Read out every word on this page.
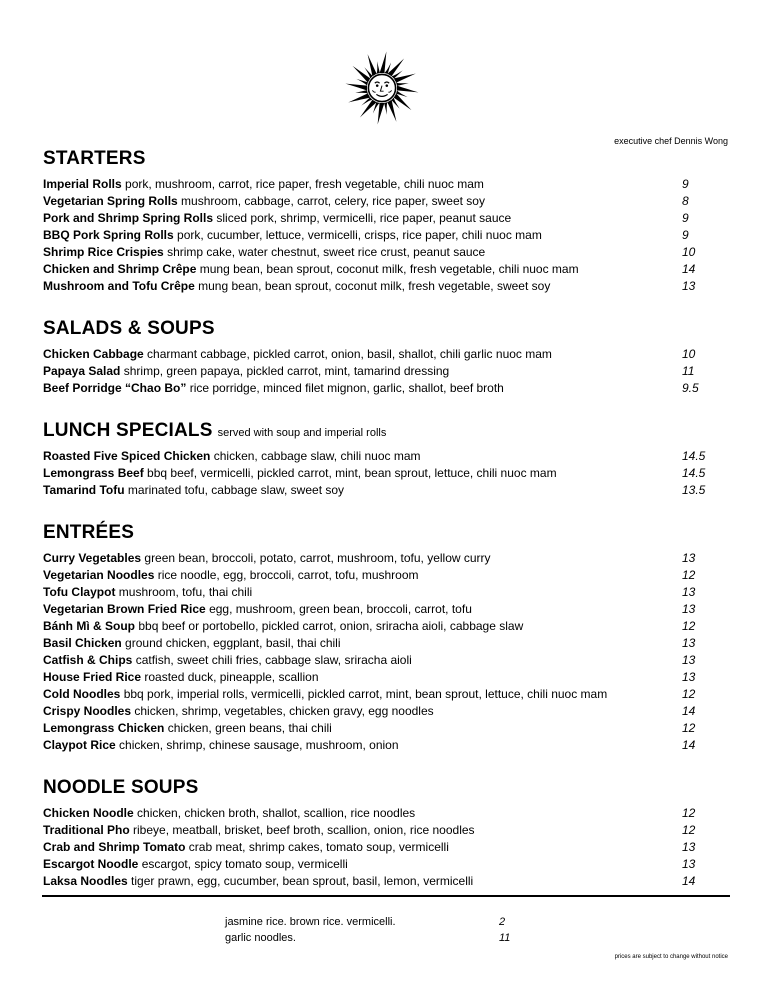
executive chef Dennis Wong
STARTERS
Imperial Rolls pork, mushroom, carrot, rice paper, fresh vegetable, chili nuoc mam	9
Vegetarian Spring Rolls mushroom, cabbage, carrot, celery, rice paper, sweet soy	8
Pork and Shrimp Spring Rolls sliced pork, shrimp, vermicelli, rice paper, peanut sauce	9
BBQ Pork Spring Rolls pork, cucumber, lettuce, vermicelli, crisps, rice paper, chili nuoc mam	9
Shrimp Rice Crispies shrimp cake, water chestnut, sweet rice crust, peanut sauce	10
Chicken and Shrimp Crêpe mung bean, bean sprout, coconut milk, fresh vegetable, chili nuoc mam	14
Mushroom and Tofu Crêpe mung bean, bean sprout, coconut milk, fresh vegetable, sweet soy	13
SALADS & SOUPS
Chicken Cabbage charmant cabbage, pickled carrot, onion, basil, shallot, chili garlic nuoc mam	10
Papaya Salad shrimp, green papaya, pickled carrot, mint, tamarind dressing	11
Beef Porridge “Chao Bo” rice porridge, minced filet mignon, garlic, shallot, beef broth	9.5
LUNCH SPECIALS served with soup and imperial rolls
Roasted Five Spiced Chicken chicken, cabbage slaw, chili nuoc mam	14.5
Lemongrass Beef bbq beef, vermicelli, pickled carrot, mint, bean sprout, lettuce, chili nuoc mam	14.5
Tamarind Tofu marinated tofu, cabbage slaw, sweet soy	13.5
ENTRÉES
Curry Vegetables green bean, broccoli, potato, carrot, mushroom, tofu, yellow curry	13
Vegetarian Noodles rice noodle, egg, broccoli, carrot, tofu, mushroom	12
Tofu Claypot mushroom, tofu, thai chili	13
Vegetarian Brown Fried Rice egg, mushroom, green bean, broccoli, carrot, tofu	13
Bánh Mì & Soup bbq beef or portobello, pickled carrot, onion, sriracha aioli, cabbage slaw	12
Basil Chicken ground chicken, eggplant, basil, thai chili	13
Catfish & Chips catfish, sweet chili fries, cabbage slaw, sriracha aioli	13
House Fried Rice roasted duck, pineapple, scallion	13
Cold Noodles bbq pork, imperial rolls, vermicelli, pickled carrot, mint, bean sprout, lettuce, chili nuoc mam	12
Crispy Noodles chicken, shrimp, vegetables, chicken gravy, egg noodles	14
Lemongrass Chicken chicken, green beans, thai chili	12
Claypot Rice chicken, shrimp, chinese sausage, mushroom, onion	14
NOODLE SOUPS
Chicken Noodle chicken, chicken broth, shallot, scallion, rice noodles	12
Traditional Pho ribeye, meatball, brisket, beef broth, scallion, onion, rice noodles	12
Crab and Shrimp Tomato crab meat, shrimp cakes, tomato soup, vermicelli	13
Escargot Noodle escargot, spicy tomato soup, vermicelli	13
Laksa Noodles tiger prawn, egg, cucumber, bean sprout, basil, lemon, vermicelli	14
jasmine rice. brown rice. vermicelli.	2
garlic noodles.	11
prices are subject to change without notice
